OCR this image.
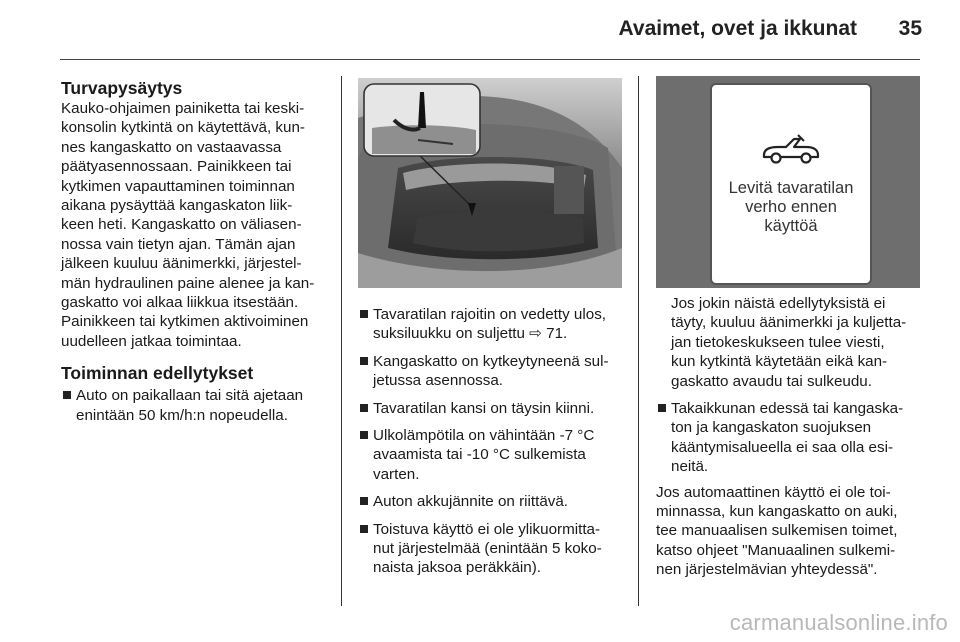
Avaimet, ovet ja ikkunat 35

Turvapysäytys

Kauko-ohjaimen painiketta tai keski-
konsolin kytkintä on käytettävä, kun-
nes kangaskatto on vastaavassa
päätyasennossaan. Painikkeen tai
kytkimen vapauttaminen toiminnan
aikana pysäyttää kangaskaton liik-
keen heti. Kangaskatto on väliasen-
nossa vain tietyn ajan. Tämän ajan
jälkeen kuuluu äänimerkki, järjestel-
män hydraulinen paine alenee ja kan-
gaskatto voi alkaa liikkua itsestään.
Painikkeen tai kytkimen aktivoiminen
uudelleen jatkaa toimintaa.

Toiminnan edellytykset

Auto on paikallaan tai sitä ajetaan
enintään 50 km/h:n nopeudella.

Tavaratilan rajoitin on vedetty ulos,
suksiluukku on suljettu ⇨ 71.

Kangaskatto on kytkeytyneenä sul-
jetussa asennossa.

Tavaratilan kansi on täysin kiinni.

Ulkolämpötila on vähintään -7 °C
avaamista tai -10 °C sulkemista
varten.

Auton akkujännite on riittävä.

Toistuva käyttö ei ole ylikuormitta-
nut järjestelmää (enintään 5 koko-
naista jaksoa peräkkäin).

Levitä tavaratilan
verho ennen
käyttöä

Jos jokin näistä edellytyksistä ei
täyty, kuuluu äänimerkki ja kuljetta-
jan tietokeskukseen tulee viesti,
kun kytkintä käytetään eikä kan-
gaskatto avaudu tai sulkeudu.

Takaikkunan edessä tai kangaska-
ton ja kangaskaton suojuksen
kääntymisalueella ei saa olla esi-
neitä.

Jos automaattinen käyttö ei ole toi-
minnassa, kun kangaskatto on auki,
tee manuaalisen sulkemisen toimet,
katso ohjeet "Manuaalinen sulkemi-
nen järjestelmävian yhteydessä".

carmanualsonline.info
